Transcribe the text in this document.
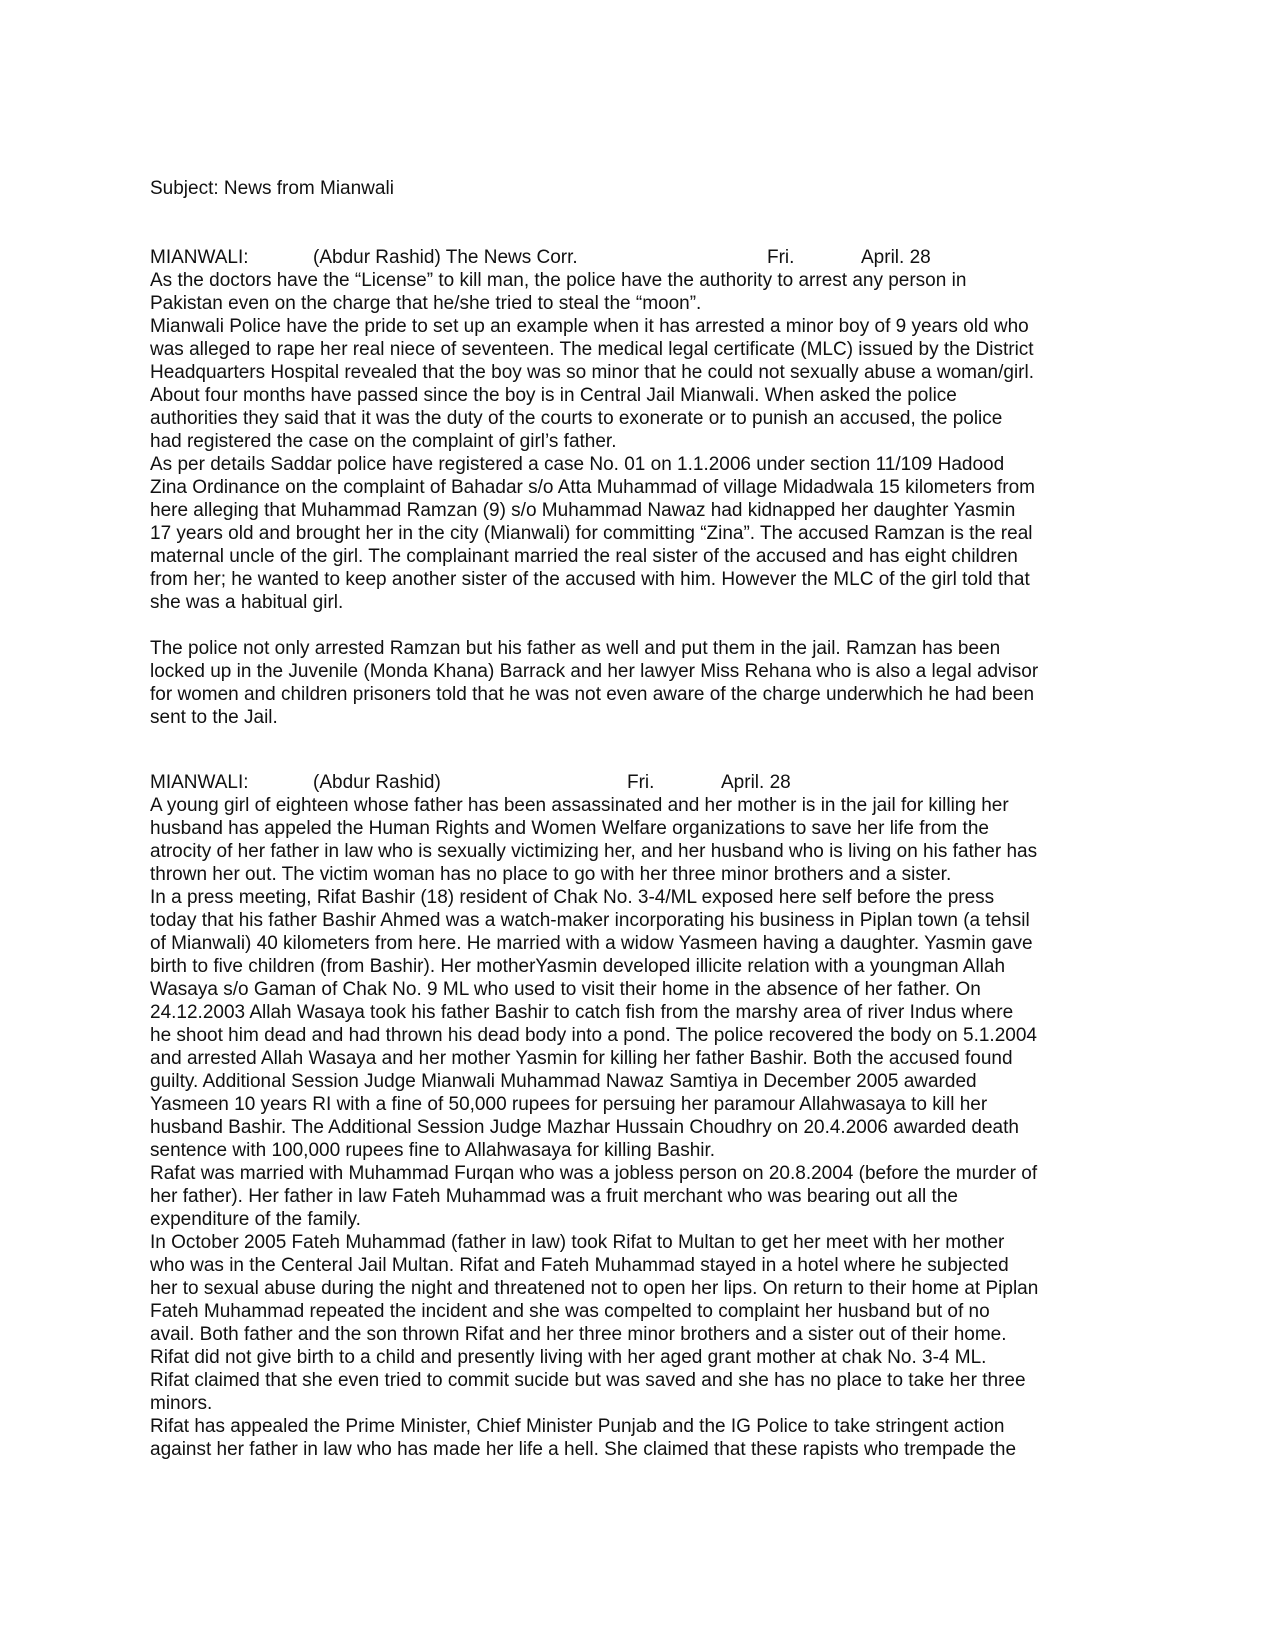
Subject: News from Mianwali

MIANWALI:

	(Abdur Rashid) The News Corr.

	Fri.

	April. 28

As the doctors have the “License” to kill man, the police have the authority to arrest any person in
Pakistan even on the charge that he/she tried to steal the “moon”.

Mianwali Police have the pride to set up an example when it has arrested a minor boy of 9 years old who
was alleged to rape her real niece of seventeen. The medical legal certificate (MLC) issued by the District
Headquarters Hospital revealed that the boy was so minor that he could not sexually abuse a woman/girl.
About four months have passed since the boy is in Central Jail Mianwali. When asked the police
authorities they said that it was the duty of the courts to exonerate or to punish an accused, the police
had registered the case on the complaint of girl’s father.

As per details Saddar police have registered a case No. 01 on 1.1.2006 under section 11/109 Hadood
Zina Ordinance on the complaint of Bahadar s/o Atta Muhammad of village Midadwala 15 kilometers from
here alleging that Muhammad Ramzan (9) s/o Muhammad Nawaz had kidnapped her daughter Yasmin
17 years old and brought her in the city (Mianwali) for committing “Zina”. The accused Ramzan is the real
maternal uncle of the girl. The complainant married the real sister of the accused and has eight children
from her; he wanted to keep another sister of the accused with him. However the MLC of the girl told that
she was a habitual girl.

The police not only arrested Ramzan but his father as well and put them in the jail. Ramzan has been
locked up in the Juvenile (Monda Khana) Barrack and her lawyer Miss Rehana who is also a legal advisor
for women and children prisoners told that he was not even aware of the charge underwhich he had been
sent to the Jail.

MIANWALI:

	(Abdur Rashid)

	Fri.

	April. 28

A young girl of eighteen whose father has been assassinated and her mother is in the jail for killing her
husband has appeled the Human Rights and Women Welfare organizations to save her life from the
atrocity of her father in law who is sexually victimizing her, and her husband who is living on his father has
thrown her out. The victim woman has no place to go with her three minor brothers and a sister.

In a press meeting, Rifat Bashir (18) resident of Chak No. 3-4/ML exposed here self before the press
today that his father Bashir Ahmed was a watch-maker incorporating his business in Piplan town (a tehsil
of Mianwali) 40 kilometers from here. He married with a widow Yasmeen having a daughter. Yasmin gave
birth to five children (from Bashir). Her motherYasmin developed illicite relation with a youngman Allah
Wasaya s/o Gaman of Chak No. 9 ML who used to visit their home in the absence of her father. On
24.12.2003 Allah Wasaya took his father Bashir to catch fish from the marshy area of river Indus where
he shoot him dead and had thrown his dead body into a pond. The police recovered the body on 5.1.2004
and arrested Allah Wasaya and her mother Yasmin for killing her father Bashir. Both the accused found
guilty. Additional Session Judge Mianwali Muhammad Nawaz Samtiya in December 2005 awarded
Yasmeen 10 years RI with a fine of 50,000 rupees for persuing her paramour Allahwasaya to kill her
husband Bashir. The Additional Session Judge Mazhar Hussain Choudhry on 20.4.2006 awarded death
sentence with 100,000 rupees fine to Allahwasaya for killing Bashir.

Rafat was married with Muhammad Furqan who was a jobless person on 20.8.2004 (before the murder of
her father). Her father in law Fateh Muhammad was a fruit merchant who was bearing out all the
expenditure of the family.

In October 2005 Fateh Muhammad (father in law) took Rifat to Multan to get her meet with her mother
who was in the Centeral Jail Multan. Rifat and Fateh Muhammad stayed in a hotel where he subjected
her to sexual abuse during the night and threatened not to open her lips. On return to their home at Piplan
Fateh Muhammad repeated the incident and she was compelted to complaint her husband but of no
avail. Both father and the son thrown Rifat and her three minor brothers and a sister out of their home.
Rifat did not give birth to a child and presently living with her aged grant mother at chak No. 3-4 ML.
Rifat claimed that she even tried to commit sucide but was saved and she has no place to take her three
minors.

Rifat has appealed the Prime Minister, Chief Minister Punjab and the IG Police to take stringent action
against her father in law who has made her life a hell. She claimed that these rapists who trempade the
